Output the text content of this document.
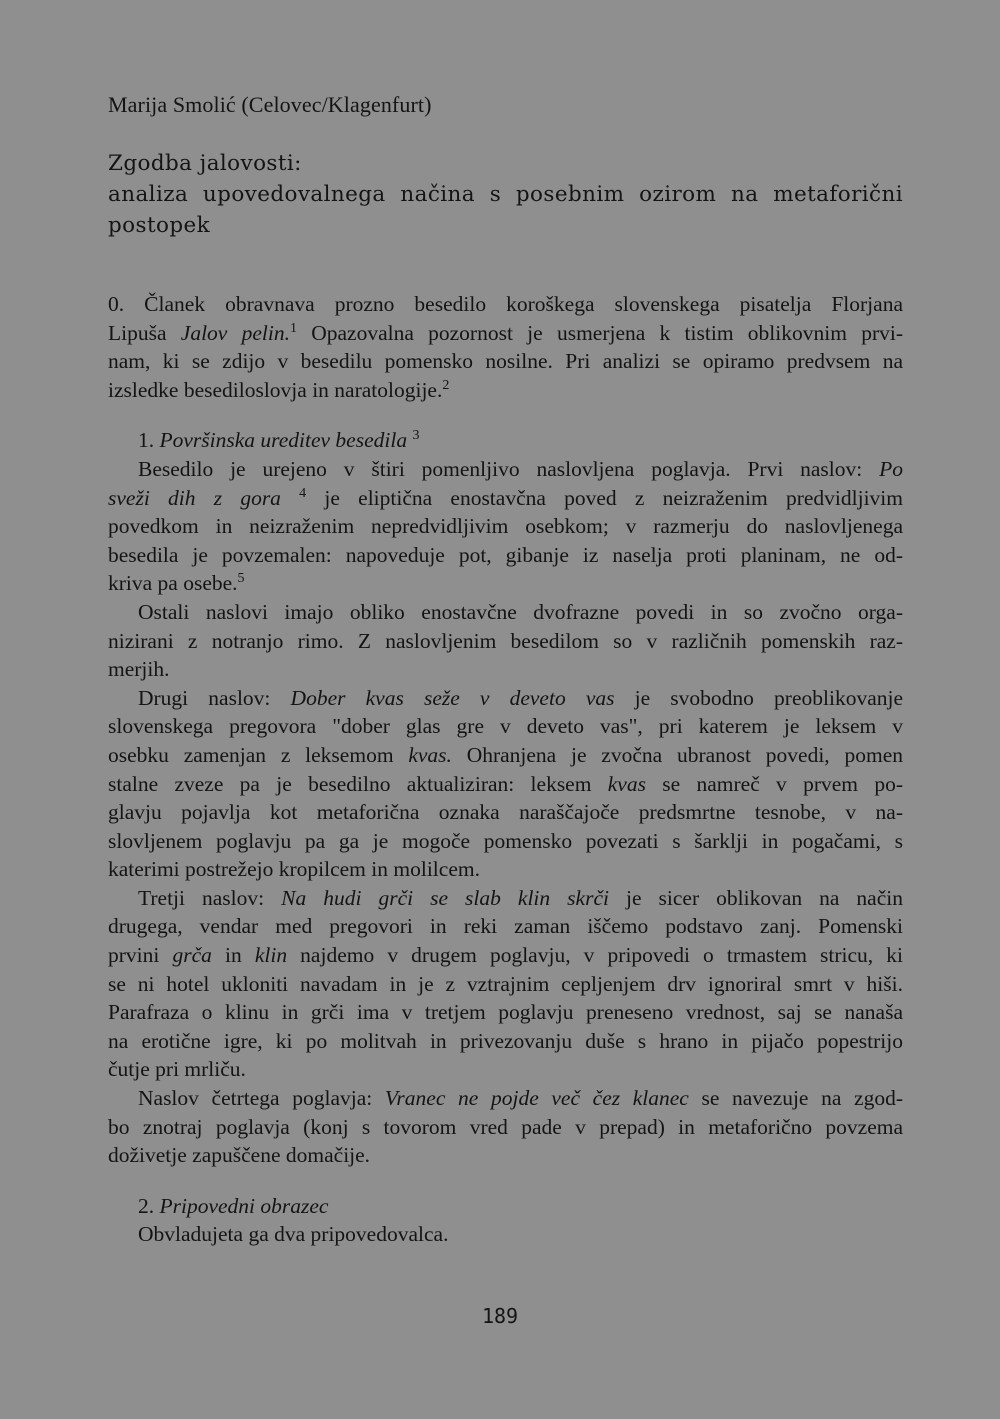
Marija Smolić (Celovec/Klagenfurt)
Zgodba jalovosti:
analiza upovedovalnega načina s posebnim ozirom na metaforični
postopek
0. Članek obravnava prozno besedilo koroškega slovenskega pisatelja Florjana
Lipuša Jalov pelin.$^1$ Opazovalna pozornost je usmerjena k tistim oblikovnim prvi-
nam, ki se zdijo v besedilu pomensko nosilne. Pri analizi se opiramo predvsem na
izsledke besediloslovja in naratologije.$^2$
1. Površinska ureditev besedila $^3$
Besedilo je urejeno v štiri pomenljivo naslovljena poglavja. Prvi naslov: Po
sveži dih z gora $^4$ je eliptična enostavčna poved z neizraženim predvidljivim
povedkom in neizraženim nepredvidljivim osebkom; v razmerju do naslovljenega
besedila je povzemalen: napoveduje pot, gibanje iz naselja proti planinam, ne od-
kriva pa osebe.$^5$
Ostali naslovi imajo obliko enostavčne dvofrazne povedi in so zvočno orga-
nizirani z notranjo rimo. Z naslovljenim besedilom so v različnih pomenskih raz-
merjih.
Drugi naslov: Dober kvas seže v deveto vas je svobodno preoblikovanje
slovenskega pregovora "dober glas gre v deveto vas", pri katerem je leksem v
osebku zamenjan z leksemom kvas. Ohranjena je zvočna ubranost povedi, pomen
stalne zveze pa je besedilno aktualiziran: leksem kvas se namreč v prvem po-
glavju pojavlja kot metaforična oznaka naraščajoče predsmrtne tesnobe, v na-
slovljenem poglavju pa ga je mogoče pomensko povezati s šarklji in pogačami, s
katerimi postrežejo kropilcem in molilcem.
Tretji naslov: Na hudi grči se slab klin skrči je sicer oblikovan na način
drugega, vendar med pregovori in reki zaman iščemo podstavo zanj. Pomenski
prvini grča in klin najdemo v drugem poglavju, v pripovedi o trmastem stricu, ki
se ni hotel ukloniti navadam in je z vztrajnim cepljenjem drv ignoriral smrt v hiši.
Parafraza o klinu in grči ima v tretjem poglavju preneseno vrednost, saj se nanaša
na erotične igre, ki po molitvah in privezovanju duše s hrano in pijačo popestrijo
čutje pri mrliču.
Naslov četrtega poglavja: Vranec ne pojde več čez klanec se navezuje na zgod-
bo znotraj poglavja (konj s tovorom vred pade v prepad) in metaforično povzema
doživetje zapuščene domačije.
2. Pripovedni obrazec
Obvladujeta ga dva pripovedovalca.
189
